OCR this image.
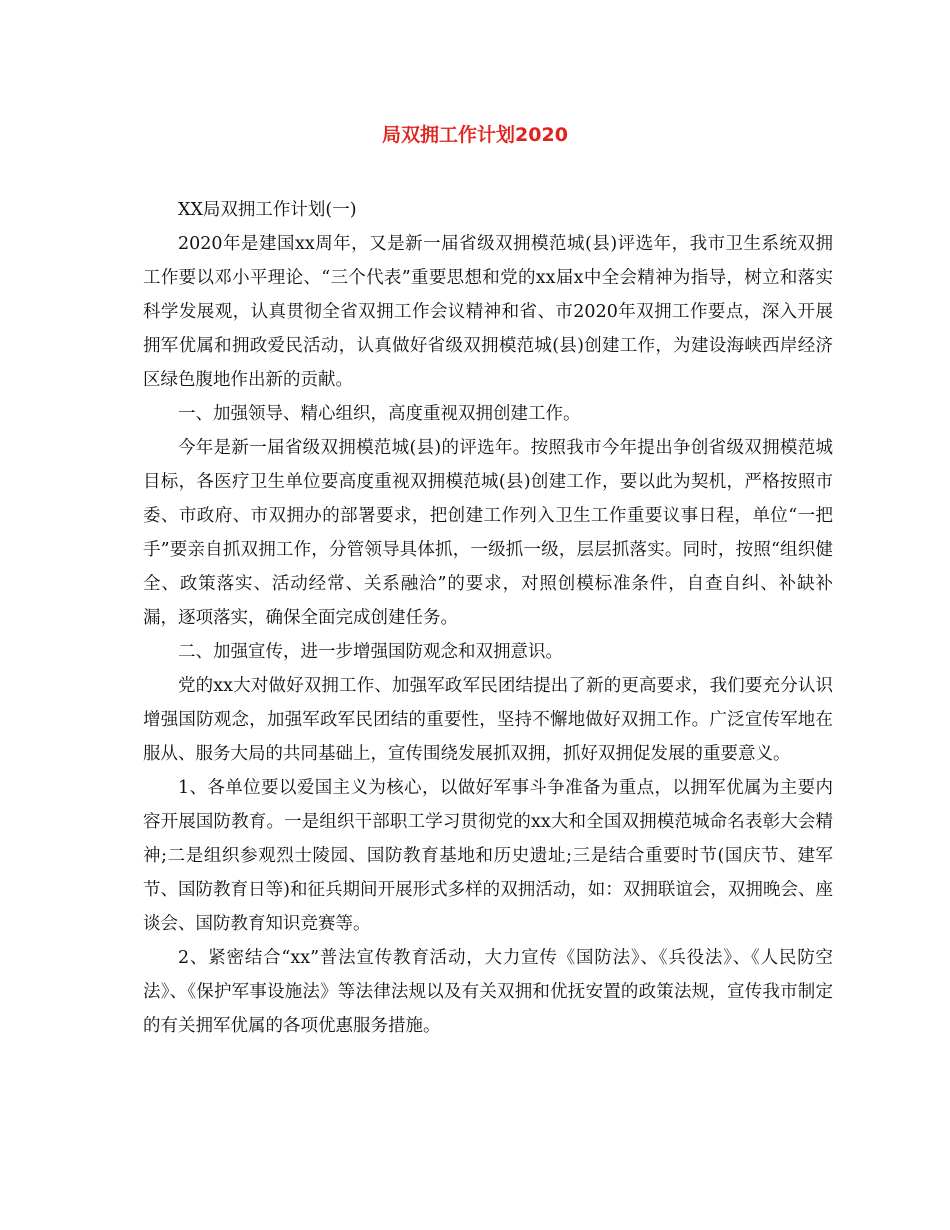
局双拥工作计划2020

XX局双拥工作计划(一)

2020年是建国xx周年，又是新一届省级双拥模范城(县)评选年，我市卫生系统双拥工作要以邓小平理论、“三个代表”重要思想和党的xx届x中全会精神为指导，树立和落实科学发展观，认真贯彻全省双拥工作会议精神和省、市2020年双拥工作要点，深入开展拥军优属和拥政爱民活动，认真做好省级双拥模范城(县)创建工作，为建设海峡西岸经济区绿色腹地作出新的贡献。

一、加强领导、精心组织，高度重视双拥创建工作。

今年是新一届省级双拥模范城(县)的评选年。按照我市今年提出争创省级双拥模范城目标，各医疗卫生单位要高度重视双拥模范城(县)创建工作，要以此为契机，严格按照市委、市政府、市双拥办的部署要求，把创建工作列入卫生工作重要议事日程，单位“一把手”要亲自抓双拥工作，分管领导具体抓，一级抓一级，层层抓落实。同时，按照“组织健全、政策落实、活动经常、关系融洽”的要求，对照创模标准条件，自查自纠、补缺补漏，逐项落实，确保全面完成创建任务。

二、加强宣传，进一步增强国防观念和双拥意识。

党的xx大对做好双拥工作、加强军政军民团结提出了新的更高要求，我们要充分认识增强国防观念，加强军政军民团结的重要性，坚持不懈地做好双拥工作。广泛宣传军地在服从、服务大局的共同基础上，宣传围绕发展抓双拥，抓好双拥促发展的重要意义。

1、各单位要以爱国主义为核心，以做好军事斗争准备为重点，以拥军优属为主要内容开展国防教育。一是组织干部职工学习贯彻党的xx大和全国双拥模范城命名表彰大会精神;二是组织参观烈士陵园、国防教育基地和历史遗址;三是结合重要时节(国庆节、建军节、国防教育日等)和征兵期间开展形式多样的双拥活动，如：双拥联谊会，双拥晚会、座谈会、国防教育知识竞赛等。

2、紧密结合“xx”普法宣传教育活动，大力宣传《国防法》、《兵役法》、《人民防空法》、《保护军事设施法》等法律法规以及有关双拥和优抚安置的政策法规，宣传我市制定的有关拥军优属的各项优惠服务措施。
